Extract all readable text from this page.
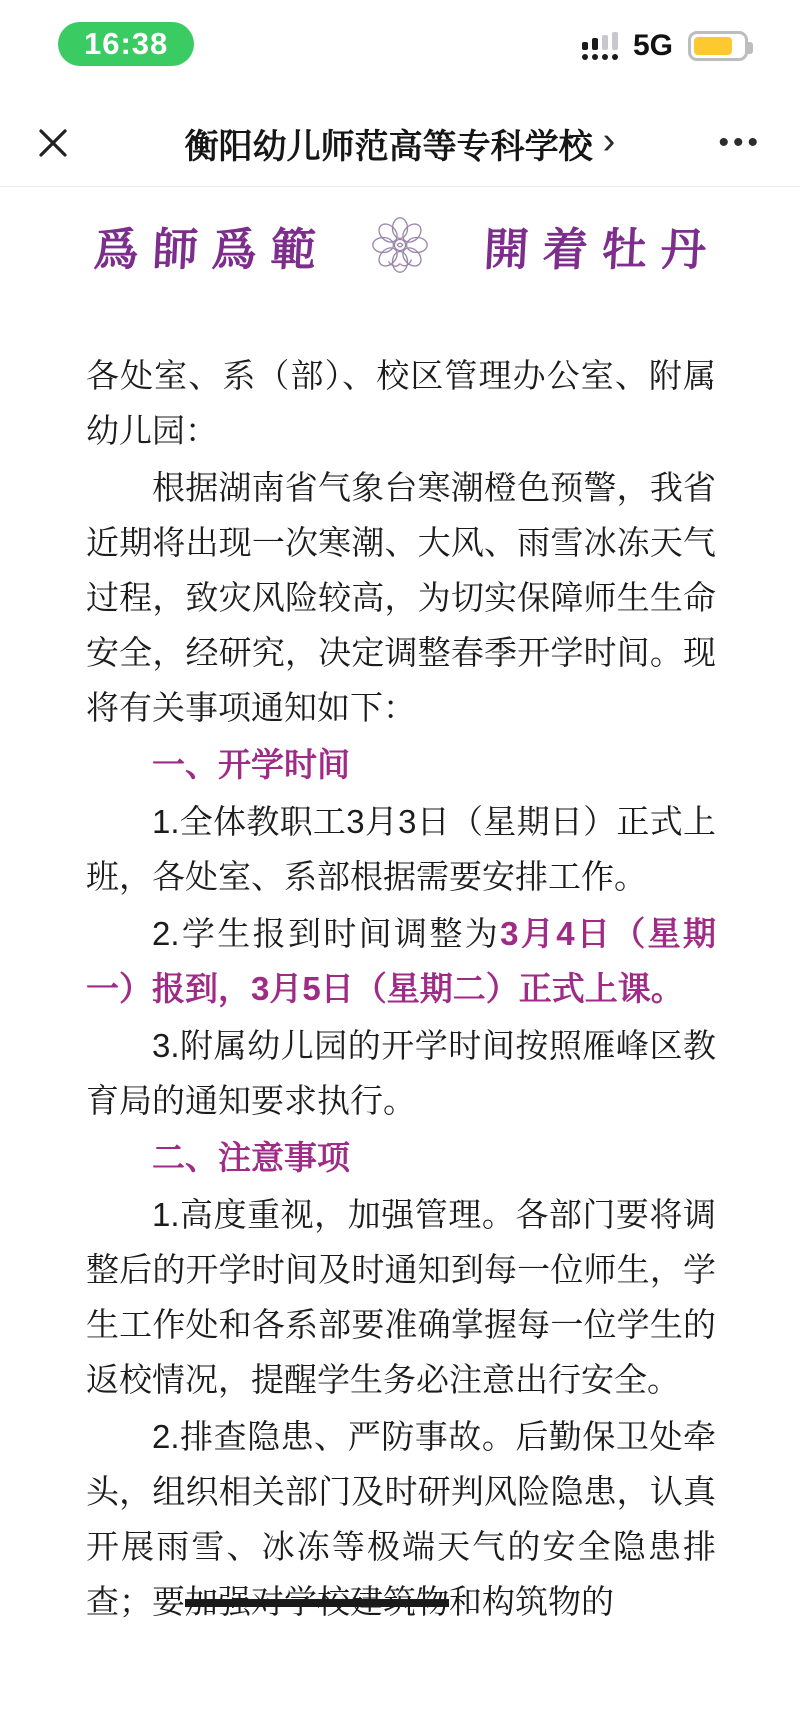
16:38	5G
衡阳幼儿师范高等专科学校 ›	•••
爲師爲範	開着牡丹

各处室、系（部）、校区管理办公室、附属幼儿园：

根据湖南省气象台寒潮橙色预警，我省近期将出现一次寒潮、大风、雨雪冰冻天气过程，致灾风险较高，为切实保障师生生命安全，经研究，决定调整春季开学时间。现将有关事项通知如下：

一、开学时间

1.全体教职工3月3日（星期日）正式上班，各处室、系部根据需要安排工作。

2.学生报到时间调整为3月4日（星期一）报到，3月5日（星期二）正式上课。

3.附属幼儿园的开学时间按照雁峰区教育局的通知要求执行。

二、注意事项

1.高度重视，加强管理。各部门要将调整后的开学时间及时通知到每一位师生，学生工作处和各系部要准确掌握每一位学生的返校情况，提醒学生务必注意出行安全。

2.排查隐患、严防事故。后勤保卫处牵头，组织相关部门及时研判风险隐患，认真开展雨雪、冰冻等极端天气的安全隐患排查；要加强对学校建筑物和构筑物的
